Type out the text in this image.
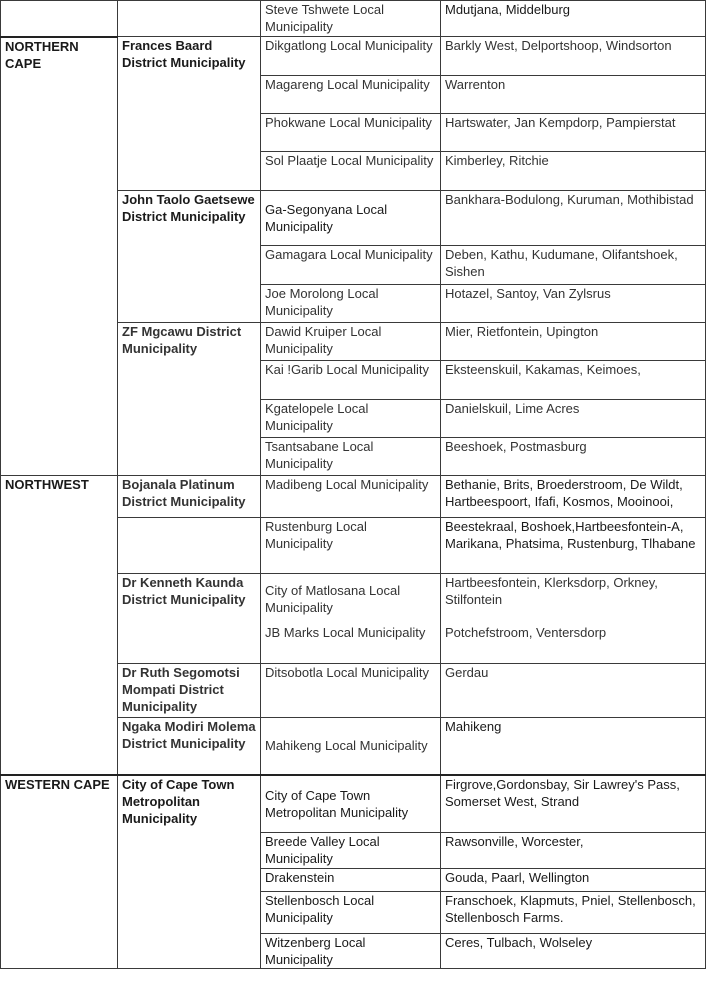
		Steve Tshwete Local Municipality	Mdutjana, Middelburg
NORTHERN CAPE	Frances Baard District Municipality	Dikgatlong Local Municipality	Barkly West, Delportshoop, Windsorton
		Magareng Local Municipality	Warrenton
		Phokwane Local Municipality	Hartswater, Jan Kempdorp, Pampierstat
		Sol Plaatje Local Municipality	Kimberley, Ritchie
	John Taolo Gaetsewe District Municipality	Ga-Segonyana Local Municipality	Bankhara-Bodulong, Kuruman, Mothibistad
		Gamagara Local Municipality	Deben, Kathu, Kudumane, Olifantshoek, Sishen
		Joe Morolong Local Municipality	Hotazel, Santoy, Van Zylsrus
	ZF Mgcawu District Municipality	Dawid Kruiper Local Municipality	Mier, Rietfontein, Upington
		Kai !Garib Local Municipality	Eksteenskuil, Kakamas, Keimoes,
		Kgatelopele Local Municipality	Danielskuil, Lime Acres
		Tsantsabane Local Municipality	Beeshoek, Postmasburg
NORTHWEST	Bojanala Platinum District Municipality	Madibeng Local Municipality	Bethanie, Brits, Broederstroom, De Wildt, Hartbeespoort, Ifafi, Kosmos, Mooinooi,
		Rustenburg Local Municipality	Beestekraal, Boshoek,Hartbeesfontein-A, Marikana, Phatsima, Rustenburg, Tlhabane
	Dr Kenneth Kaunda District Municipality	City of Matlosana Local Municipality	Hartbeesfontein, Klerksdorp, Orkney, Stilfontein
		JB Marks Local Municipality	Potchefstroom, Ventersdorp
	Dr Ruth Segomotsi Mompati District Municipality	Ditsobotla Local Municipality	Gerdau
	Ngaka Modiri Molema District Municipality	Mahikeng Local Municipality	Mahikeng
WESTERN CAPE	City of Cape Town Metropolitan Municipality	City of Cape Town Metropolitan Municipality	Firgrove,Gordonsbay, Sir Lawrey's Pass, Somerset West, Strand
		Breede Valley Local Municipality	Rawsonville, Worcester,
		Drakenstein	Gouda, Paarl, Wellington
		Stellenbosch Local Municipality	Franschoek, Klapmuts, Pniel, Stellenbosch, Stellenbosch Farms.
		Witzenberg Local Municipality	Ceres, Tulbach, Wolseley
